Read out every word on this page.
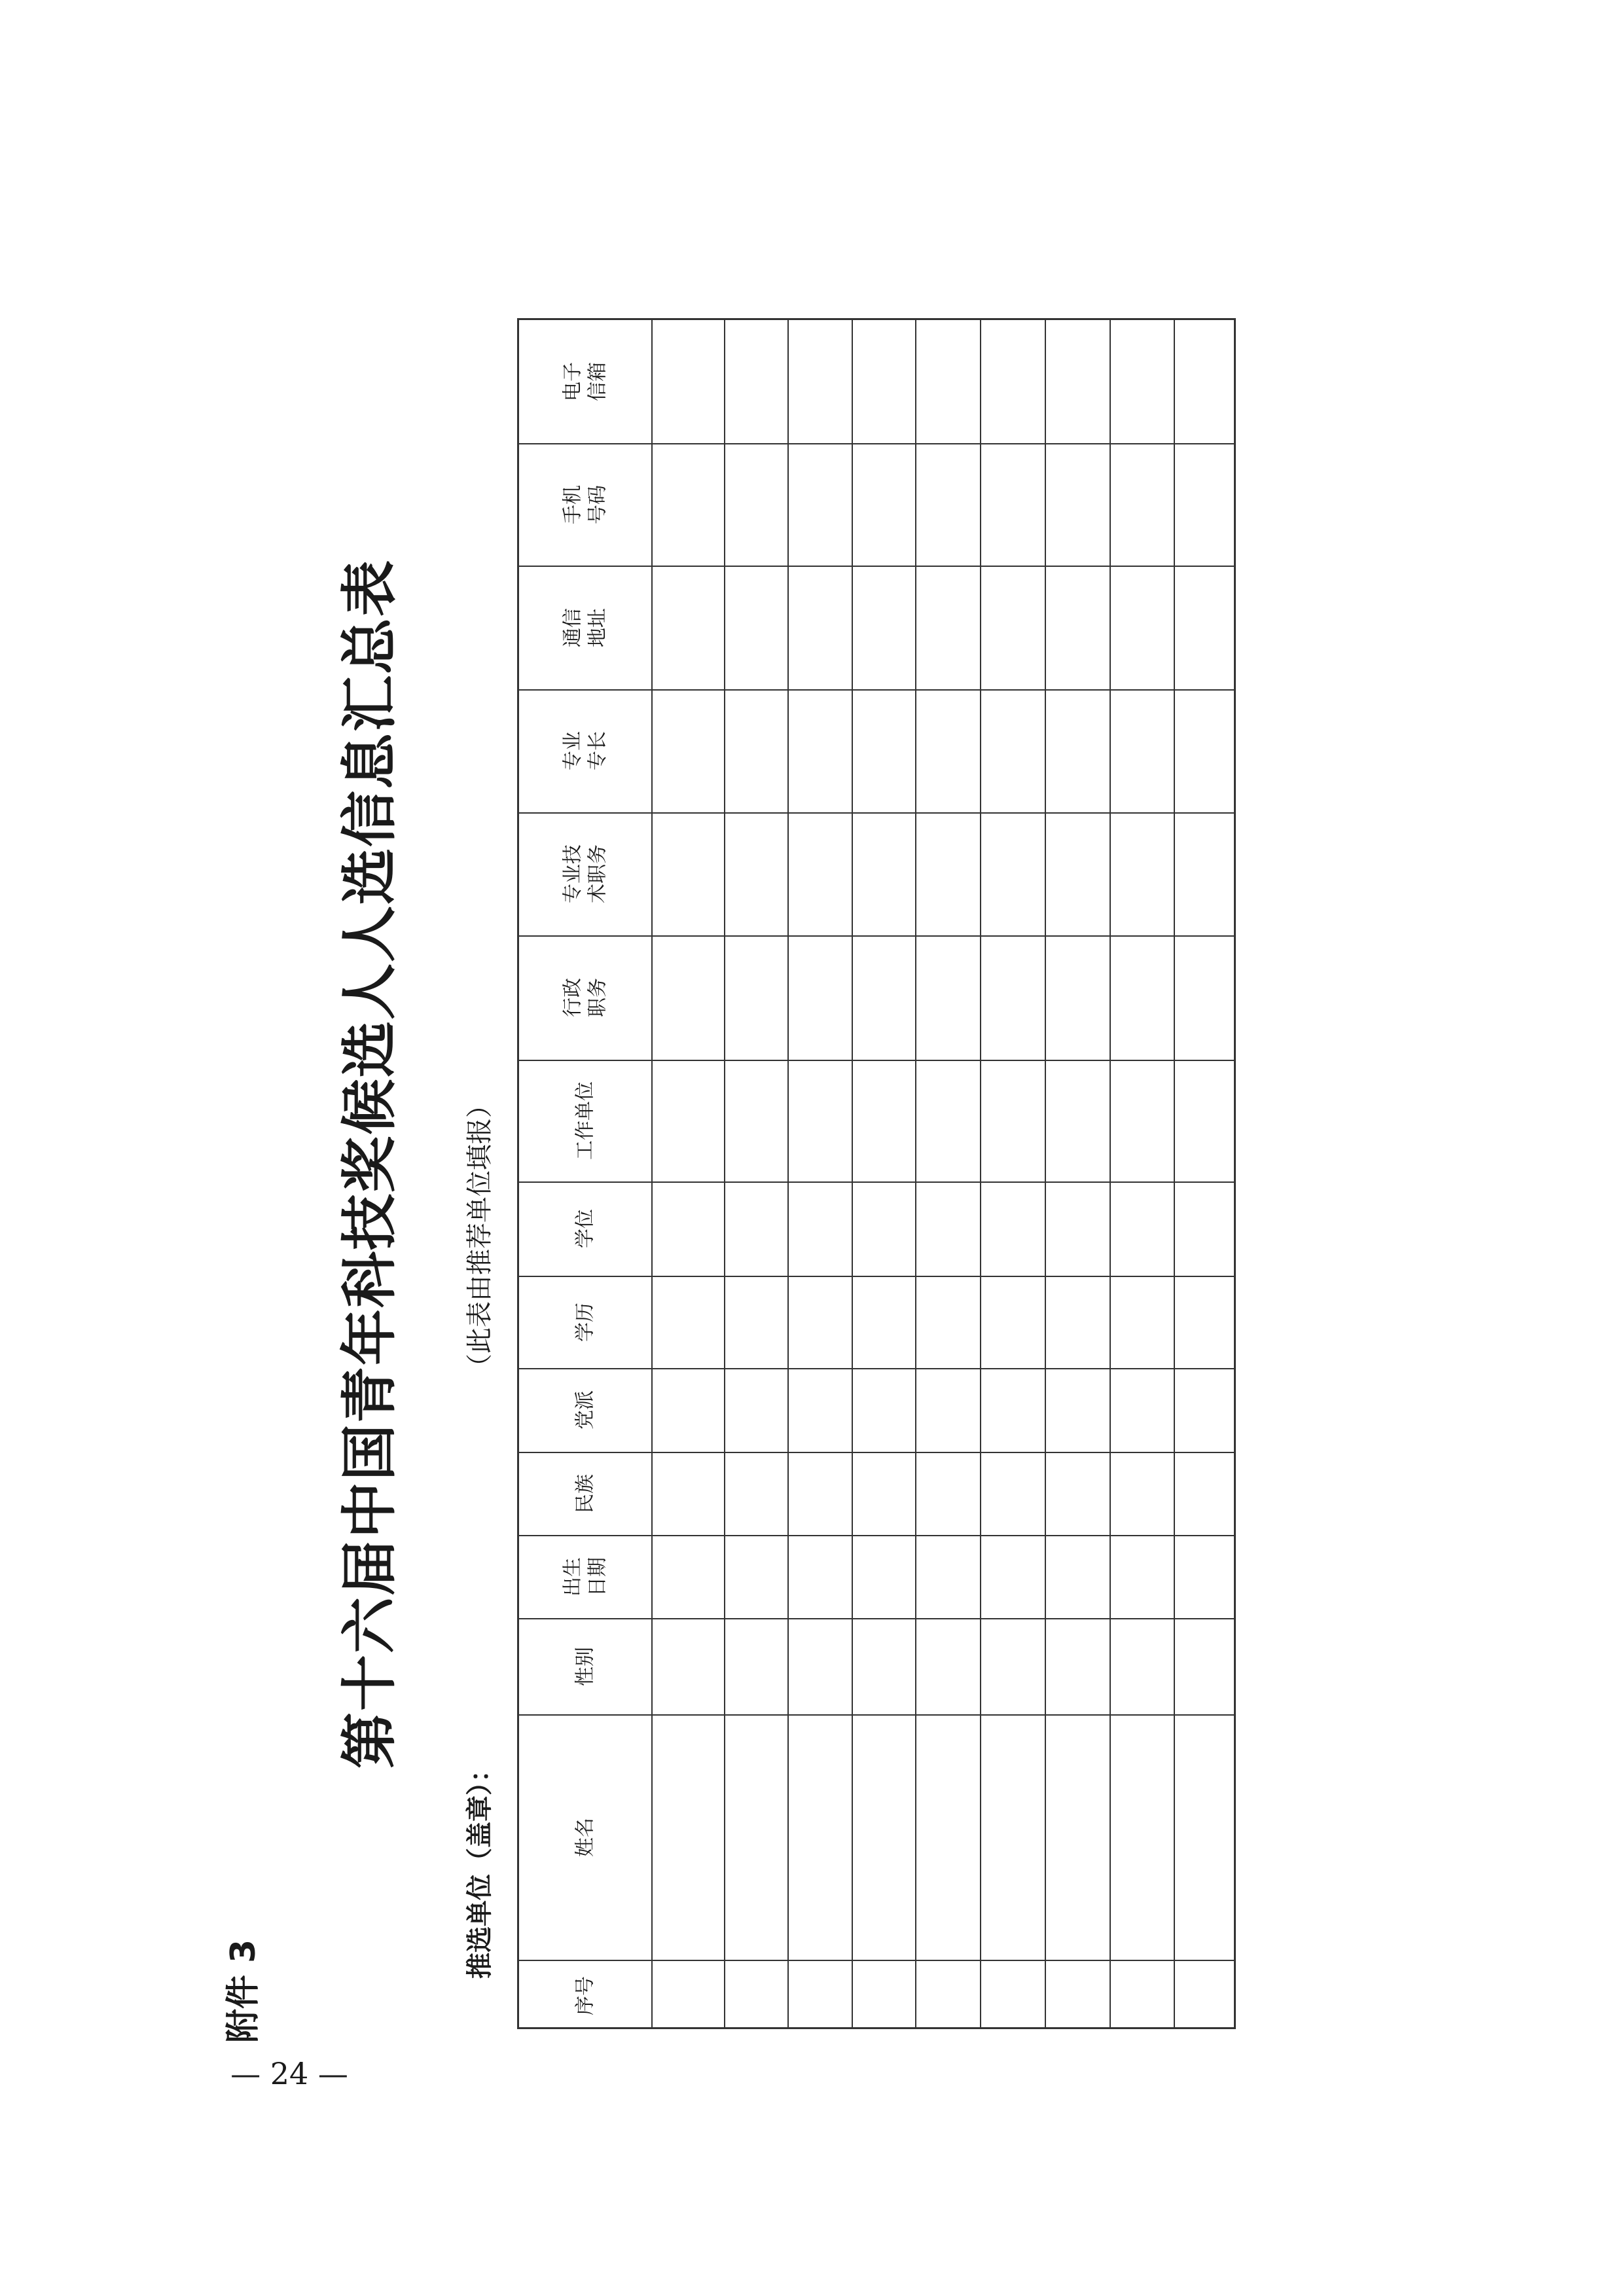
附件 3
第十六届中国青年科技奖候选人人选信息汇总表 （此表由推荐单位填报）
推选单位（盖章）：
序号
姓名
性别
出生
日期
民族
党派
学历
学位
工作单位
行政
职务
专业技
术职务
专业
专长
通信
地址
手机
号码
电子
信箱
— 24 —
